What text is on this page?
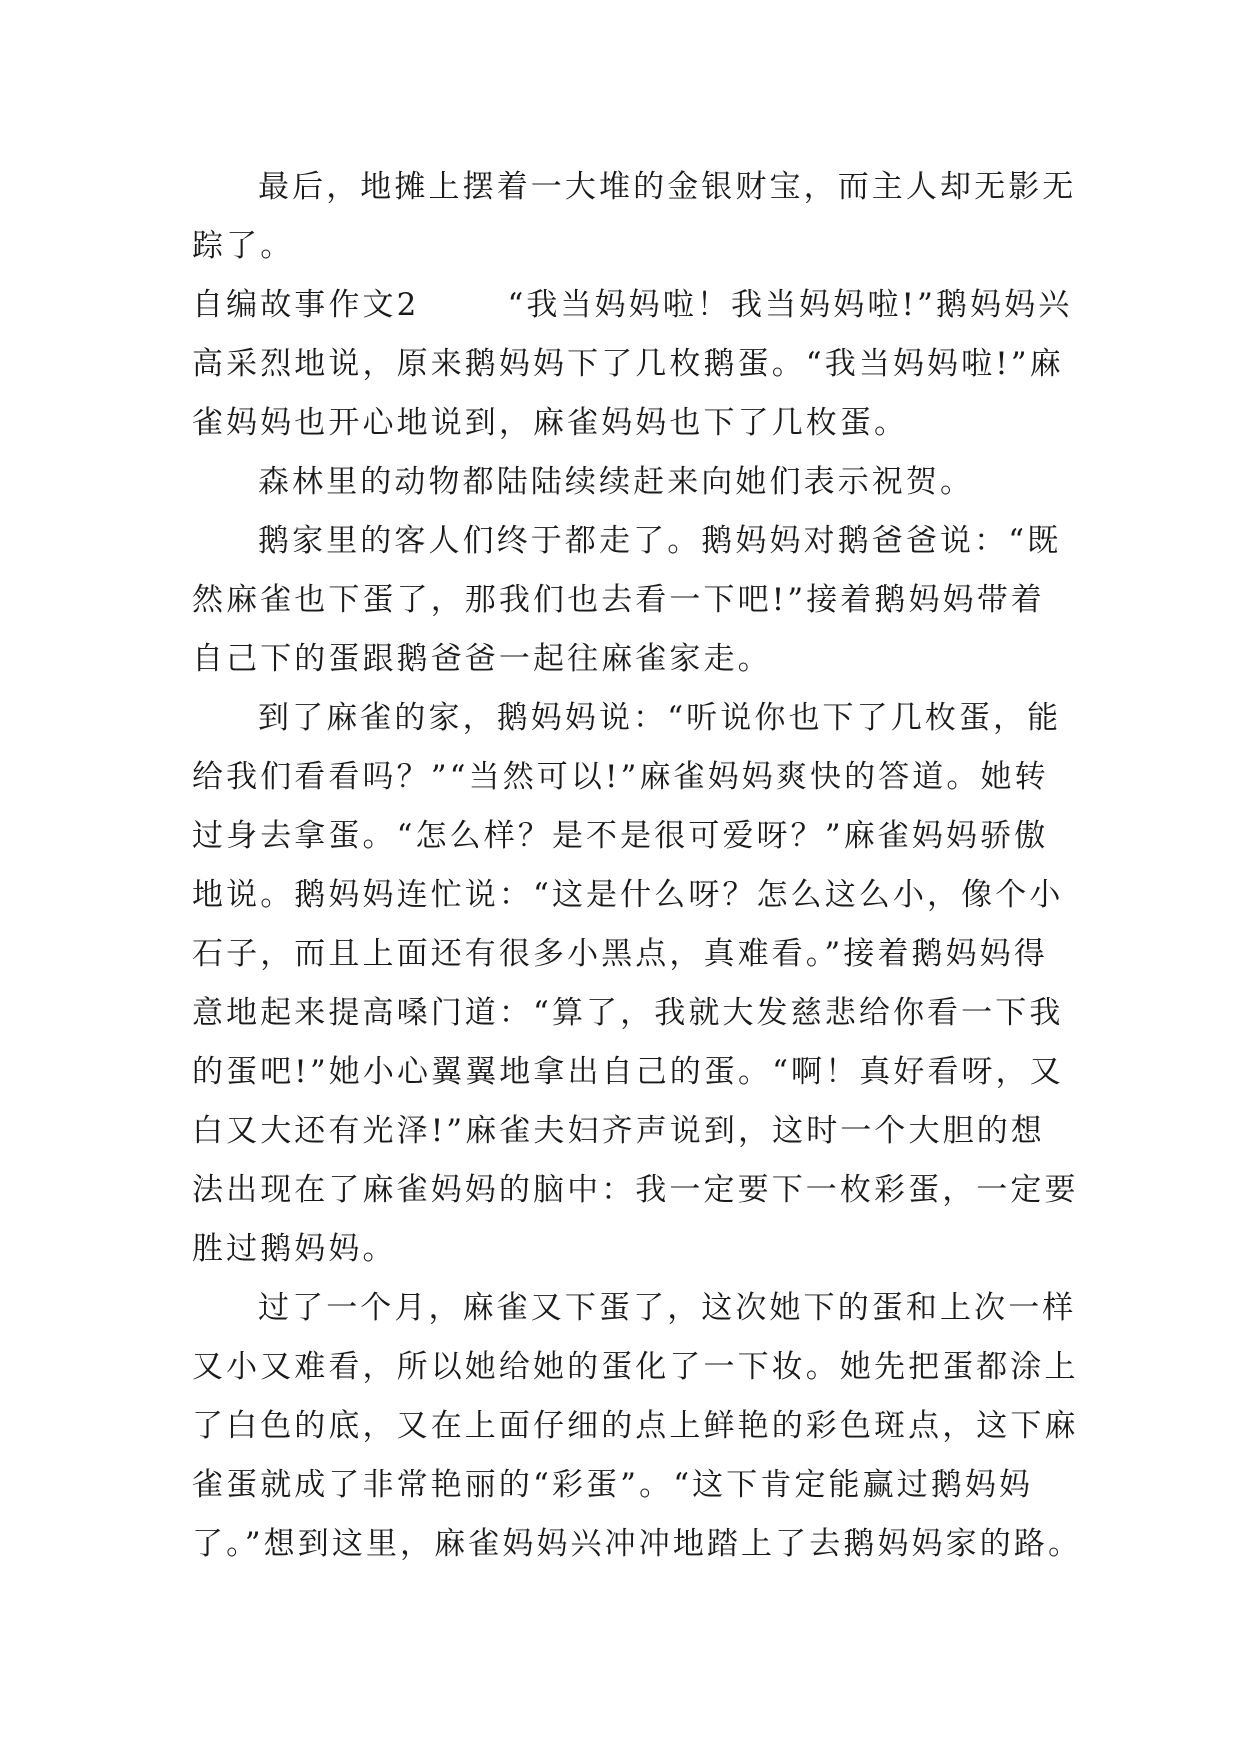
最后，地摊上摆着一大堆的金银财宝，而主人却无影无
踪了。
自编故事作文2	“我当妈妈啦！我当妈妈啦!”鹅妈妈兴
高采烈地说，原来鹅妈妈下了几枚鹅蛋。“我当妈妈啦!”麻
雀妈妈也开心地说到，麻雀妈妈也下了几枚蛋。
森林里的动物都陆陆续续赶来向她们表示祝贺。
鹅家里的客人们终于都走了。鹅妈妈对鹅爸爸说：“既
然麻雀也下蛋了，那我们也去看一下吧!”接着鹅妈妈带着
自己下的蛋跟鹅爸爸一起往麻雀家走。
到了麻雀的家，鹅妈妈说：“听说你也下了几枚蛋，能
给我们看看吗？”“当然可以!”麻雀妈妈爽快的答道。她转
过身去拿蛋。“怎么样？是不是很可爱呀？”麻雀妈妈骄傲
地说。鹅妈妈连忙说：“这是什么呀？怎么这么小，像个小
石子，而且上面还有很多小黑点，真难看。”接着鹅妈妈得
意地起来提高嗓门道：“算了，我就大发慈悲给你看一下我
的蛋吧!”她小心翼翼地拿出自己的蛋。“啊！真好看呀，又
白又大还有光泽!”麻雀夫妇齐声说到，这时一个大胆的想
法出现在了麻雀妈妈的脑中：我一定要下一枚彩蛋，一定要
胜过鹅妈妈。
过了一个月，麻雀又下蛋了，这次她下的蛋和上次一样
又小又难看，所以她给她的蛋化了一下妆。她先把蛋都涂上
了白色的底，又在上面仔细的点上鲜艳的彩色斑点，这下麻
雀蛋就成了非常艳丽的“彩蛋”。“这下肯定能赢过鹅妈妈
了。”想到这里，麻雀妈妈兴冲冲地踏上了去鹅妈妈家的路。
